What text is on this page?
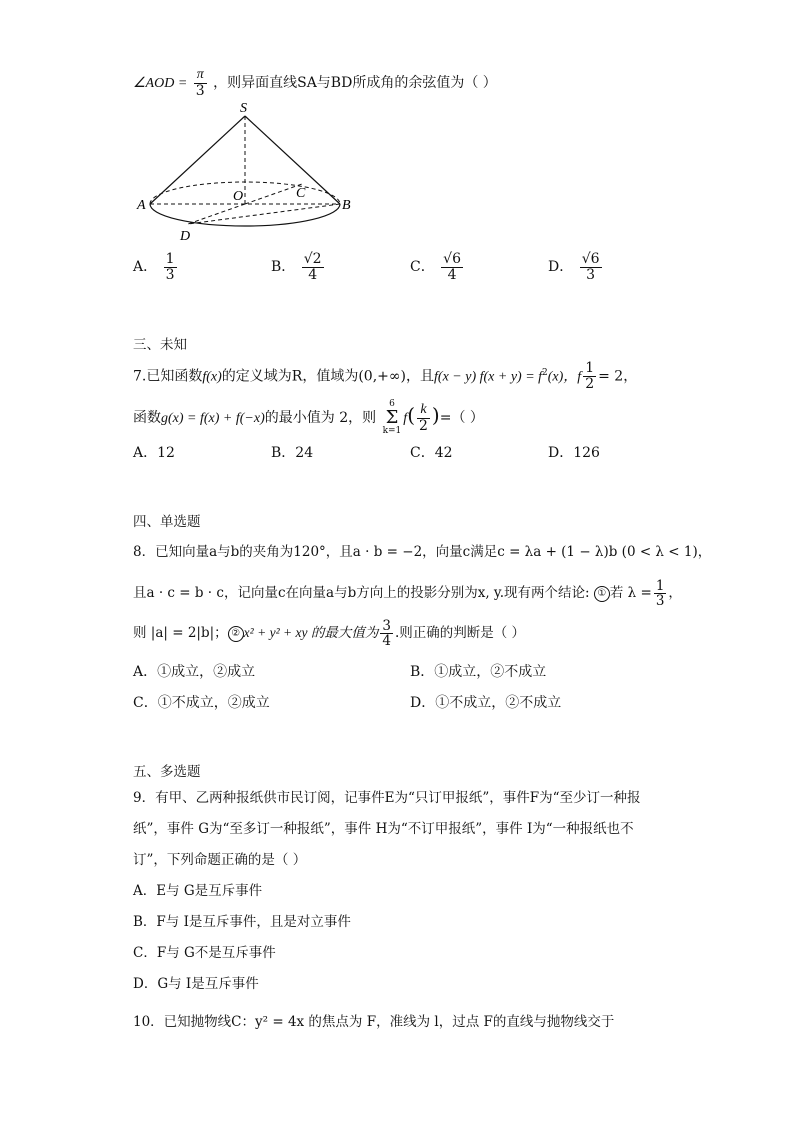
∠AOD = $\frac{\pi}{3}$ ，则异面直线SA与BD所成角的余弦值为（ ）
S
A	B
O	C
D
A． $\frac{1}{3}$	B． $\frac{√2}{4}$	C． $\frac{√6}{4}$	D． $\frac{√6}{3}$
三、未知
7.已知函数f(x)的定义域为R，值域为(0,+∞)，且f(x − y) $f(x + y) = f^2(x)$，f $\frac{1}{2} = 2$，
函数g(x) = f(x) + f(−x)的最小值为 2，则
6
Σ
k=1
$f( \frac{k}{2}$ )=（ ）
A．12	B．24	C．42	D．126
四、单选题
8．已知向量a与b的夹角为120°，且a · b = −2，向量c满足c = λa + (1 − λ)b (0 < λ < 1)，
且a · c = b · c，记向量c在向量a与b方向上的投影分别为x, y.现有两个结论: ① 若 $\lambda = \frac{1}{3}$ ，
则 |a| = 2|b|； ② x² + y² + xy 的最大值为 $\frac{3}{4}$ .则正确的判断是（ ）
A．①成立，②成立	B．①成立，②不成立
C．①不成立，②成立	D．①不成立，②不成立
五、多选题
9．有甲、乙两种报纸供市民订阅，记事件E为“只订甲报纸”，事件F为“至少订一种报
纸”，事件 G为“至多订一种报纸”，事件 H为“不订甲报纸”，事件 I为“一种报纸也不
订”，下列命题正确的是（ ）
A．E与 G是互斥事件
B．F与 I是互斥事件，且是对立事件
C．F与 G不是互斥事件
D．G与 I是互斥事件
10．已知抛物线C：y² = 4x 的焦点为 F，准线为 l，过点 F的直线与抛物线交于
